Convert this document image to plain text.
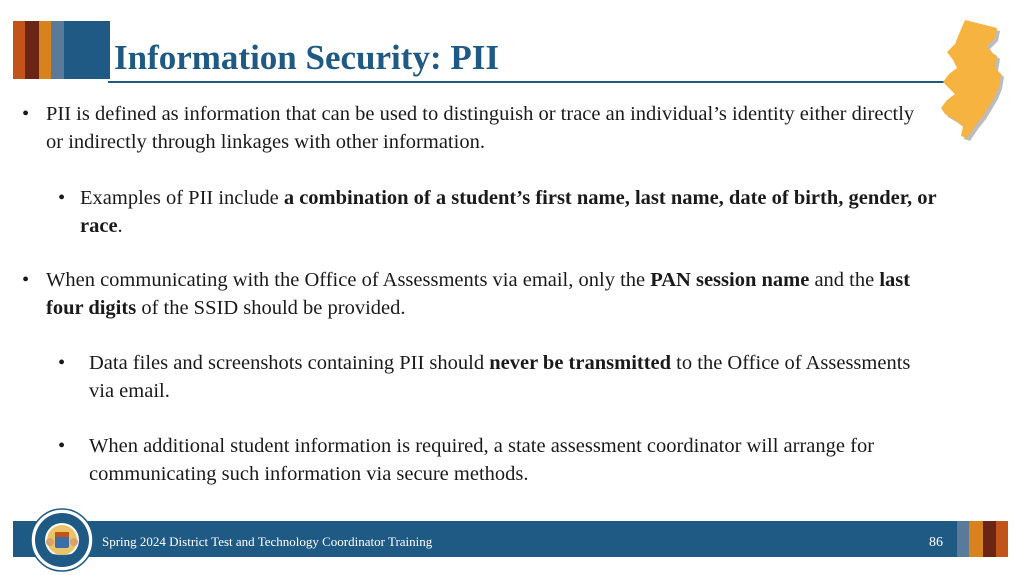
Information Security: PII
• PII is defined as information that can be used to distinguish or trace an individual’s identity either directly or indirectly through linkages with other information.
• Examples of PII include a combination of a student’s first name, last name, date of birth, gender, or race.
• When communicating with the Office of Assessments via email, only the PAN session name and the last four digits of the SSID should be provided.
•	Data files and screenshots containing PII should never be transmitted to the Office of Assessments via email.
•	When additional student information is required, a state assessment coordinator will arrange for communicating such information via secure methods.
Spring 2024 District Test and Technology Coordinator Training	86
